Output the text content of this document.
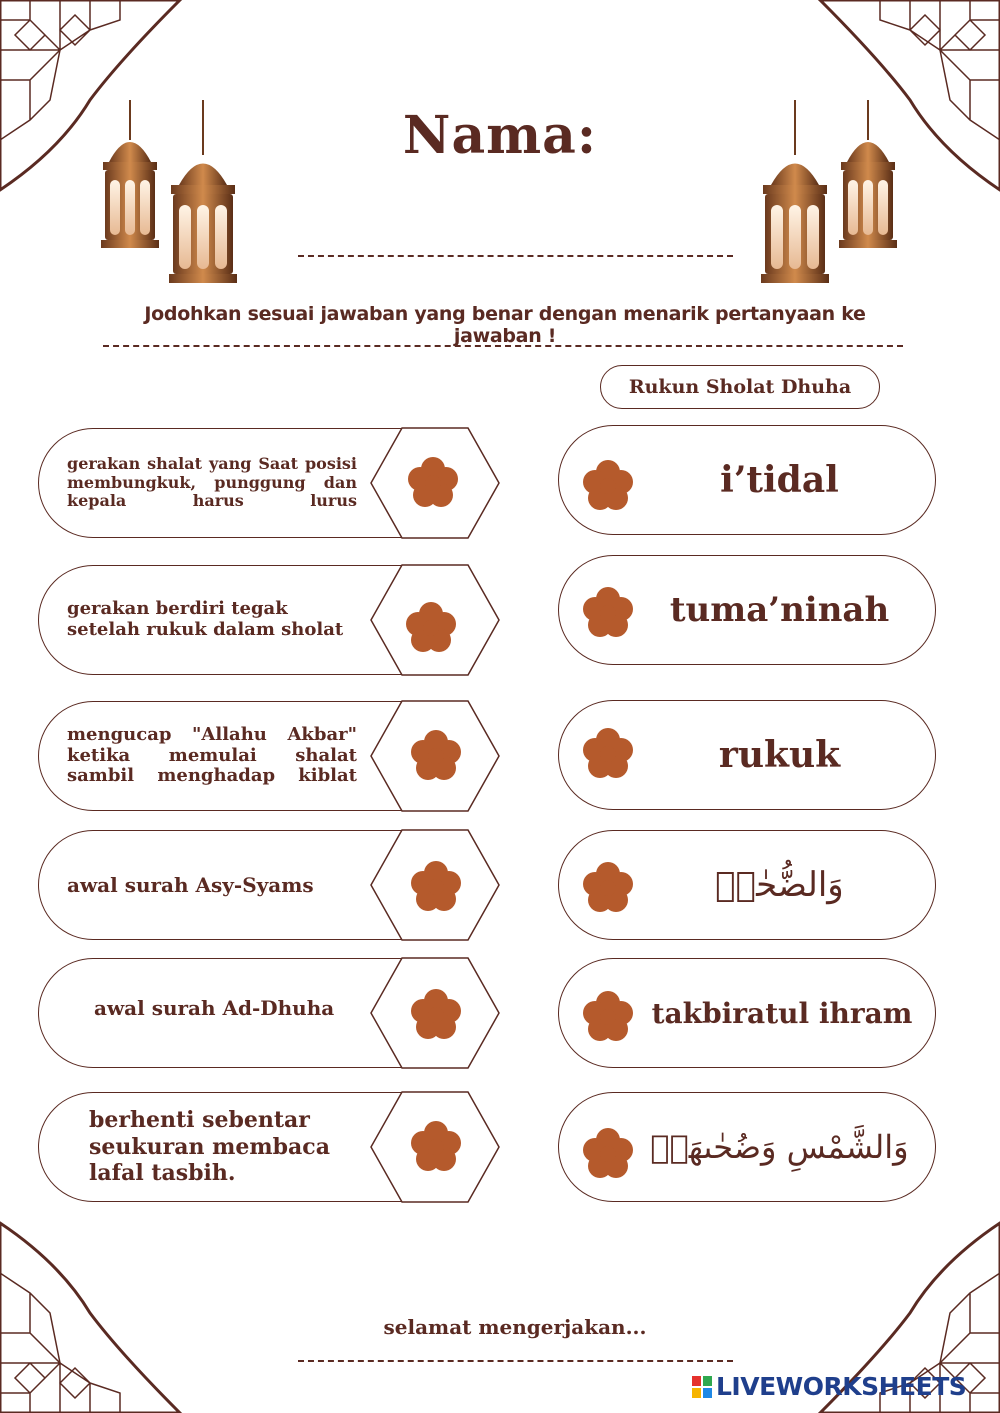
Nama:
Jodohkan sesuai jawaban yang benar dengan menarik pertanyaan ke jawaban !
Rukun Sholat Dhuha
gerakan shalat yang Saat posisi membungkuk, punggung dan kepala harus lurus
gerakan berdiri tegak setelah rukuk dalam sholat
mengucap "Allahu Akbar" ketika memulai shalat sambil menghadap kiblat
awal surah Asy-Syams
awal surah Ad-Dhuha
berhenti sebentar seukuran membaca lafal tasbih.
i’tidal
tuma’ninah
rukuk
وَالضُّحٰىۙ
takbiratul ihram
وَالشَّمْسِ وَضُحٰىهَاۖ
selamat mengerjakan...
LIVEWORKSHEETS
